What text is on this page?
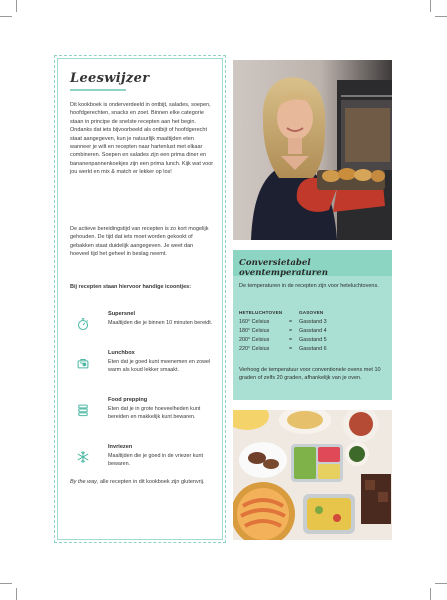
Leeswijzer

Dit kookboek is onderverdeeld in ontbijt, salades, soepen, hoofdgerechten, snacks en zoet. Binnen elke categorie staan in principe de snelste recepten aan het begin. Ondanks dat iets bijvoorbeeld als ontbijt of hoofdgerecht staat aangegeven, kun je natuurlijk maaltijden eten wanneer je wilt en recepten naar hartenlust met elkaar combineren. Soepen en salades zijn een prima diner en bananenpannenkoekjes zijn een prima lunch. Kijk wat voor jou werkt en mix & match er lekker op los!

De actieve bereidingstijd van recepten is zo kort mogelijk gehouden. De tijd dat iets moet worden gekookt of gebakken staat duidelijk aangegeven. Je weet dan hoeveel tijd het geheel in beslag neemt.

Bij recepten staan hiervoor handige icoontjes:

Supersnel
Maaltijden die je binnen 10 minuten bereidt.
Lunchbox
Eten dat je goed kunt meenemen en zowel warm als koud lekker smaakt.
Food prepping
Eten dat je in grote hoeveelheden kunt bereiden en makkelijk kunt bewaren.
Invriezen
Maaltijden die je goed in de vriezer kunt bewaren.

By the way, alle recepten in dit kookboek zijn glutenvrij.

Conversietabel oventemperaturen

De temperaturen in de recepten zijn voor heteluchtovens.

HETELUCHTOVEN	GASOVEN
160° Celsius	=	Gasstand 3
180° Celsius	=	Gasstand 4
200° Celsius	=	Gasstand 5
220° Celsius	=	Gasstand 6

Verhoog de temperatuur voor conventionele ovens met 10 graden of zelfs 20 graden, afhankelijk van je oven.
